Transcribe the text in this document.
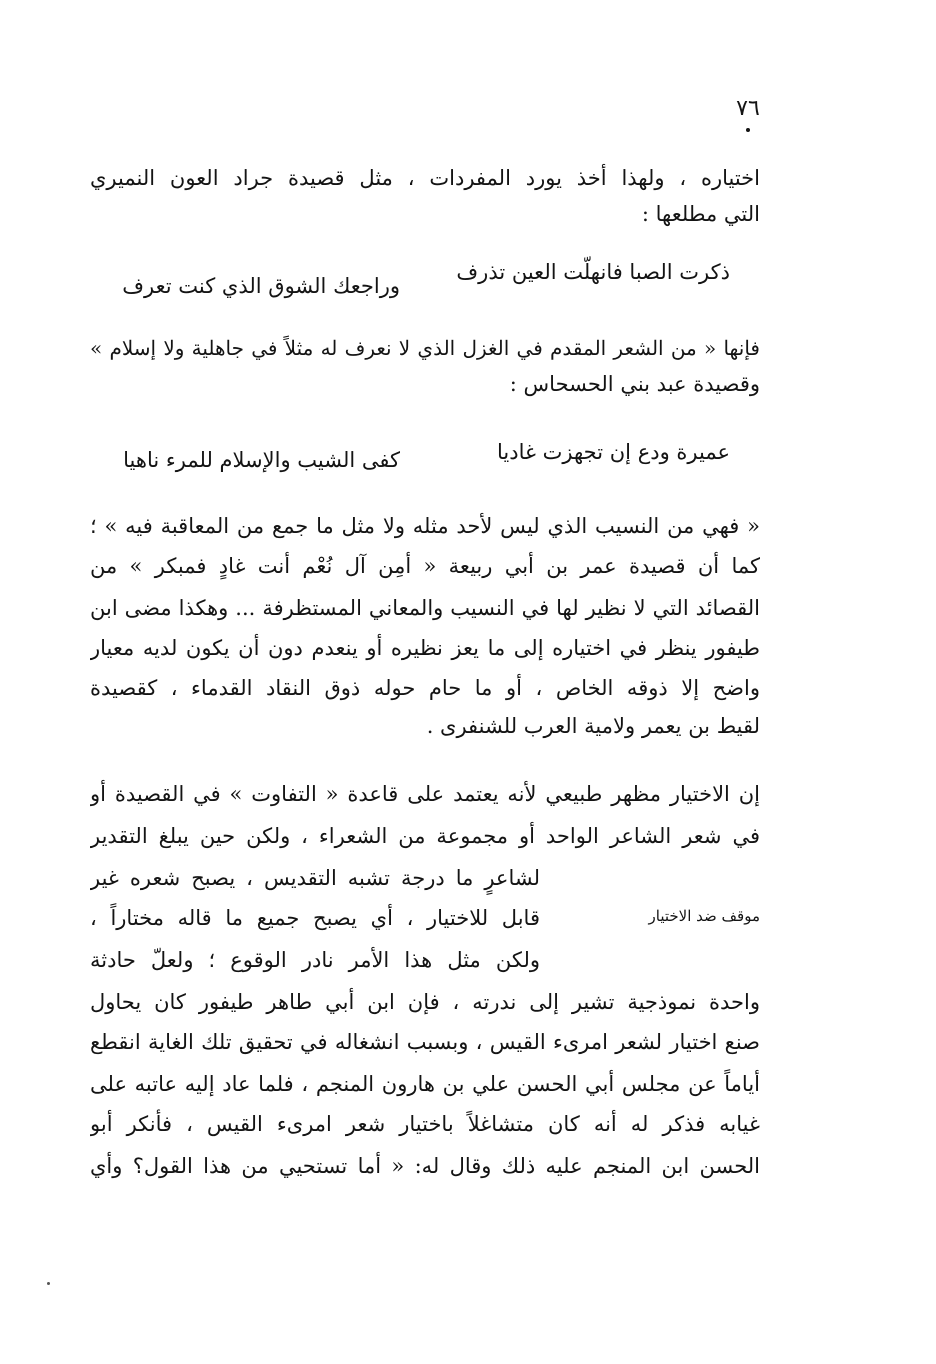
٧٦
اختياره ، ولهذا أخذ يورد المفردات ، مثل قصيدة جراد العون النميري
التي مطلعها :
ذكرت الصبا فانهلّت العين تذرف
وراجعك الشوق الذي كنت تعرف
فإنها « من الشعر المقدم في الغزل الذي لا نعرف له مثلاً في جاهلية ولا إسلام »
وقصيدة عبد بني الحسحاس :
عميرة ودع إن تجهزت غاديا
كفى الشيب والإسلام للمرء ناهيا
« فهي من النسيب الذي ليس لأحد مثله ولا مثل ما جمع من المعاقبة فيه » ؛
كما أن قصيدة عمر بن أبي ربيعة « أمِن آل نُعْم أنت غادٍ فمبكر » من
القصائد التي لا نظير لها في النسيب والمعاني المستظرفة ... وهكذا مضى ابن
طيفور ينظر في اختياره إلى ما يعز نظيره أو ينعدم دون أن يكون لديه معيار
واضح إلا ذوقه الخاص ، أو ما حام حوله ذوق النقاد القدماء ، كقصيدة
لقيط بن يعمر ولامية العرب للشنفرى .
إن الاختيار مظهر طبيعي لأنه يعتمد على قاعدة « التفاوت » في القصيدة أو
في شعر الشاعر الواحد أو مجموعة من الشعراء ، ولكن حين يبلغ التقدير
لشاعرٍ ما درجة تشبه التقديس ، يصبح شعره غير
قابل للاختيار ، أي يصبح جميع ما قاله مختاراً ،
ولكن مثل هذا الأمر نادر الوقوع ؛ ولعلّ حادثة
موقف ضد الاختيار
واحدة نموذجية تشير إلى ندرته ، فإن ابن أبي طاهر طيفور كان يحاول
صنع اختيار لشعر امرىء القيس ، وبسبب انشغاله في تحقيق تلك الغاية انقطع
أياماً عن مجلس أبي الحسن علي بن هارون المنجم ، فلما عاد إليه عاتبه على
غيابه فذكر له أنه كان متشاغلاً باختيار شعر امرىء القيس ، فأنكر أبو
الحسن ابن المنجم عليه ذلك وقال له: « أما تستحيي من هذا القول؟ وأي
